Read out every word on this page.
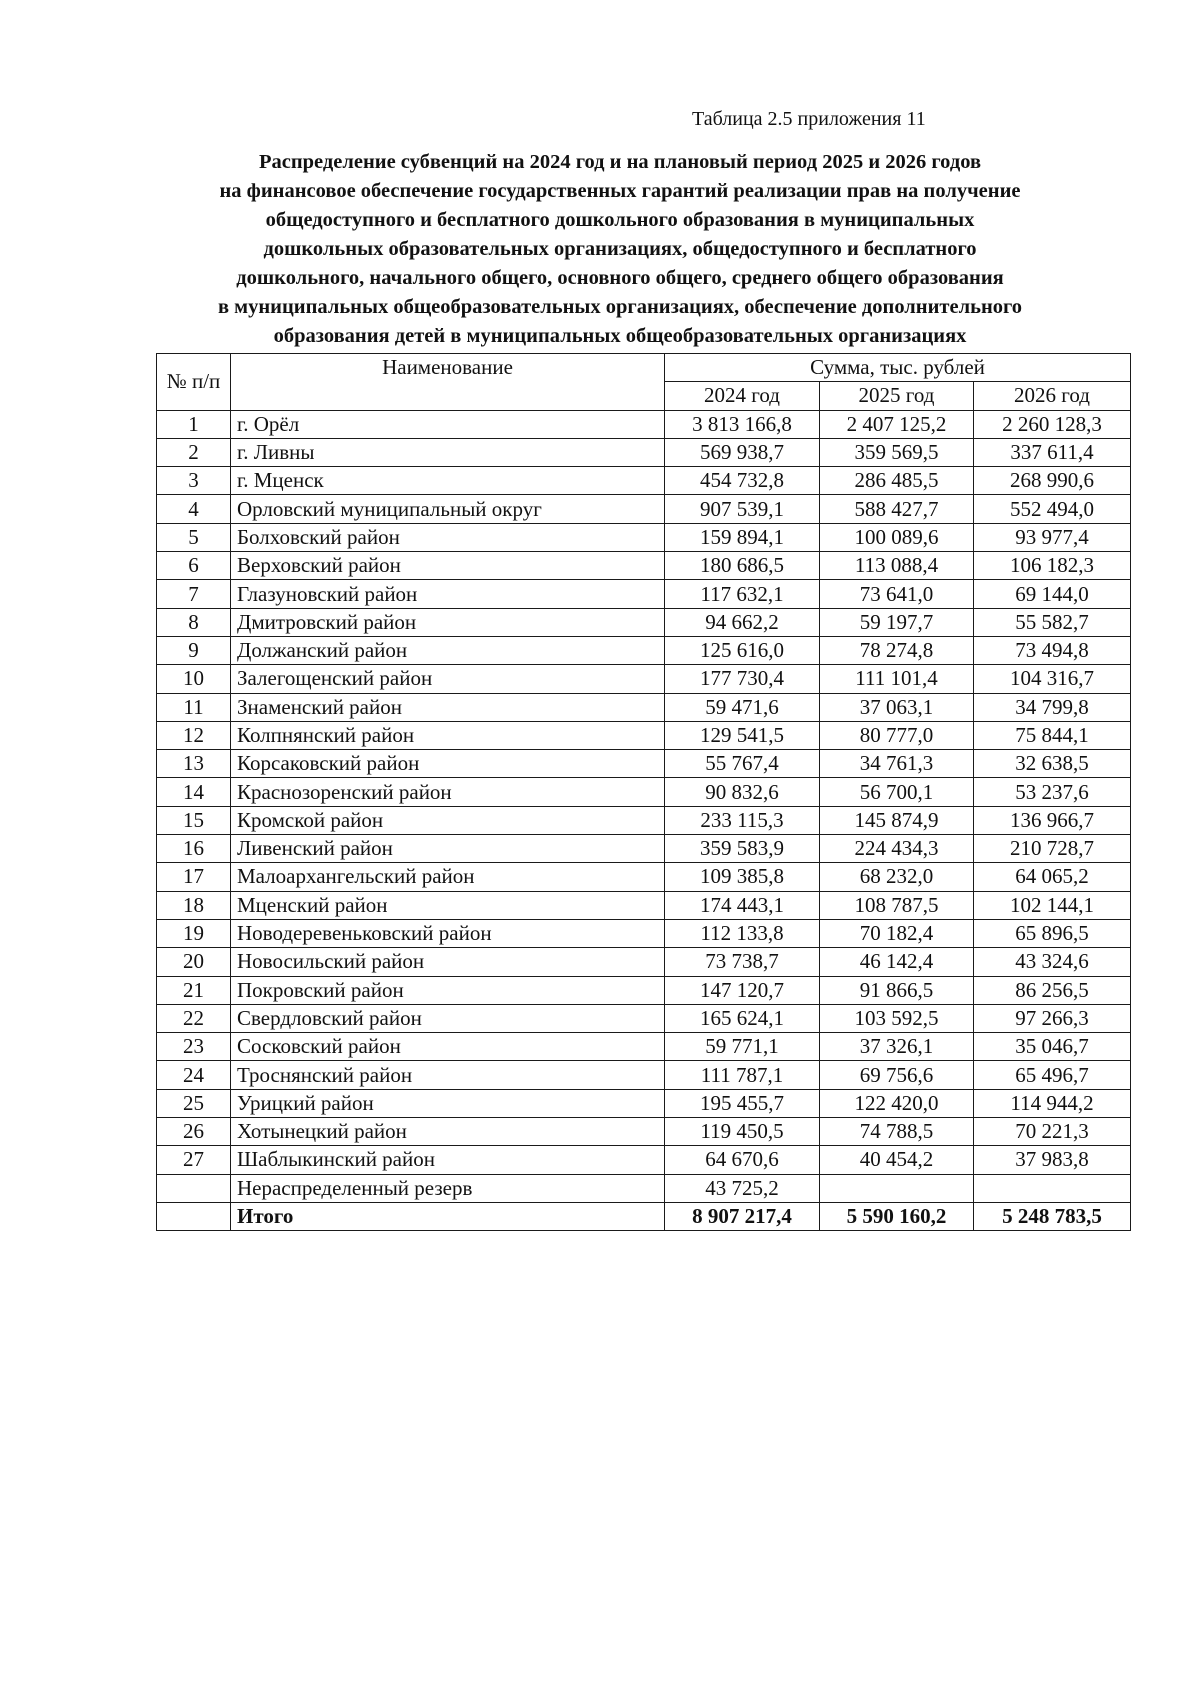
Таблица 2.5 приложения 11
Распределение субвенций на 2024 год и на плановый период 2025 и 2026 годов
на финансовое обеспечение государственных гарантий реализации прав на получение
общедоступного и бесплатного дошкольного образования в муниципальных
дошкольных образовательных организациях, общедоступного и бесплатного
дошкольного, начального общего, основного общего, среднего общего образования
в муниципальных общеобразовательных организациях, обеспечение дополнительного
образования детей в муниципальных общеобразовательных организациях
№ п/п	Наименование	Сумма, тыс. рублей		
		2024 год	2025 год	2026 год
1	г. Орёл	3 813 166,8	2 407 125,2	2 260 128,3
2	г. Ливны	569 938,7	359 569,5	337 611,4
3	г. Мценск	454 732,8	286 485,5	268 990,6
4	Орловский муниципальный округ	907 539,1	588 427,7	552 494,0
5	Болховский район	159 894,1	100 089,6	93 977,4
6	Верховский район	180 686,5	113 088,4	106 182,3
7	Глазуновский район	117 632,1	73 641,0	69 144,0
8	Дмитровский район	94 662,2	59 197,7	55 582,7
9	Должанский район	125 616,0	78 274,8	73 494,8
10	Залегощенский район	177 730,4	111 101,4	104 316,7
11	Знаменский район	59 471,6	37 063,1	34 799,8
12	Колпнянский район	129 541,5	80 777,0	75 844,1
13	Корсаковский район	55 767,4	34 761,3	32 638,5
14	Краснозоренский район	90 832,6	56 700,1	53 237,6
15	Кромской район	233 115,3	145 874,9	136 966,7
16	Ливенский район	359 583,9	224 434,3	210 728,7
17	Малоархангельский район	109 385,8	68 232,0	64 065,2
18	Мценский район	174 443,1	108 787,5	102 144,1
19	Новодеревеньковский район	112 133,8	70 182,4	65 896,5
20	Новосильский район	73 738,7	46 142,4	43 324,6
21	Покровский район	147 120,7	91 866,5	86 256,5
22	Свердловский район	165 624,1	103 592,5	97 266,3
23	Сосковский район	59 771,1	37 326,1	35 046,7
24	Троснянский район	111 787,1	69 756,6	65 496,7
25	Урицкий район	195 455,7	122 420,0	114 944,2
26	Хотынецкий район	119 450,5	74 788,5	70 221,3
27	Шаблыкинский район	64 670,6	40 454,2	37 983,8
	Нераспределенный резерв	43 725,2		
	Итого	8 907 217,4	5 590 160,2	5 248 783,5
